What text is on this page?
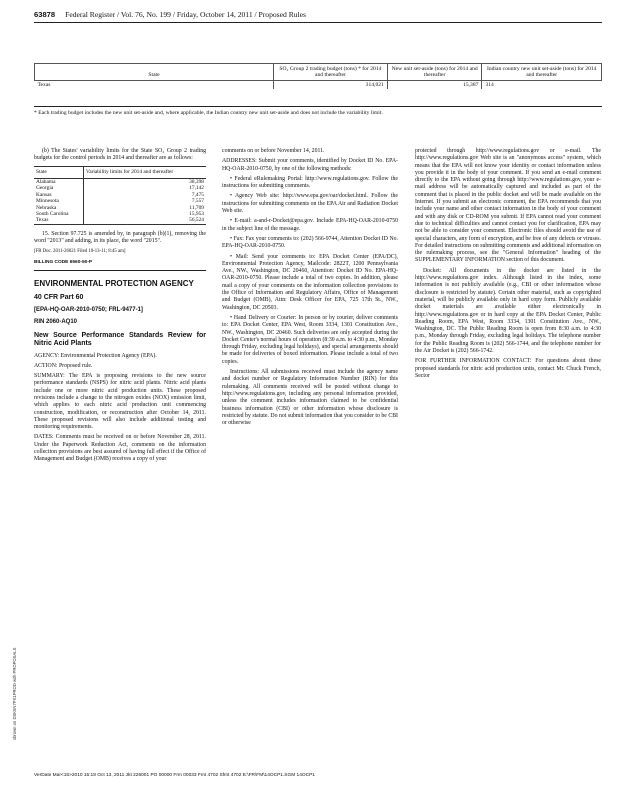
63878 Federal Register / Vol. 76, No. 199 / Friday, October 14, 2011 / Proposed Rules
State	SO₂ Group 2 trading budget (tons) * for 2014 and thereafter	New unit set-aside (tons) for 2014 and thereafter	Indian country new unit set-aside (tons) for 2014 and thereafter
Texas	314,021	15,387	314
* Each trading budget includes the new unit set-aside and, where applicable, the Indian country new unit set-aside and does not include the variability limit.

(b) The States' variability limits for the State SO₂ Group 2 trading budgets for the control periods in 2014 and thereafter are as follows:

State	Variability limits for 2014 and thereafter
Alabama	38,398
Georgia	17,142
Kansas	7,475
Minnesota	7,557
Nebraska	11,709
South Carolina	15,953
Texas	56,524

15. Section 97.725 is amended by, in paragraph (b)(1), removing the word "2013" and adding, in its place, the word "2015".

[FR Doc. 2011-26021 Filed 10-13-11; 8:45 am]

BILLING CODE 6560-50-P

ENVIRONMENTAL PROTECTION AGENCY
40 CFR Part 60
[EPA-HQ-OAR-2010-0750; FRL-9477-1]
RIN 2060-AQ10
New Source Performance Standards Review for Nitric Acid Plants

AGENCY: Environmental Protection Agency (EPA).

ACTION: Proposed rule.

SUMMARY: The EPA is proposing revisions to the new source performance standards (NSPS) for nitric acid plants. Nitric acid plants include one or more nitric acid production units. These proposed revisions include a change to the nitrogen oxides (NOX) emission limit, which applies to each nitric acid production unit commencing construction, modification, or reconstruction after October 14, 2011. These proposed revisions will also include additional testing and monitoring requirements.

DATES: Comments must be received on or before November 28, 2011. Under the Paperwork Reduction Act, comments on the information collection provisions are best assured of having full effect if the Office of Management and Budget (OMB) receives a copy of your

comments on or before November 14, 2011.

ADDRESSES: Submit your comments, identified by Docket ID No. EPA-HQ-OAR-2010-0750, by one of the following methods:

• Federal eRulemaking Portal: http://www.regulations.gov. Follow the instructions for submitting comments.

• Agency Web site: http://www.epa.gov/oar/docket.html. Follow the instructions for submitting comments on the EPA Air and Radiation Docket Web site.

• E-mail: a-and-r-Docket@epa.gov. Include EPA-HQ-OAR-2010-0750 in the subject line of the message.

• Fax: Fax your comments to: (202) 566-9744, Attention Docket ID No. EPA-HQ-OAR-2010-0750.

• Mail: Send your comments to: EPA Docket Center (EPA/DC), Environmental Protection Agency, Mailcode: 2822T, 1200 Pennsylvania Ave., NW., Washington, DC 20460, Attention: Docket ID No. EPA-HQ-OAR-2010-0750. Please include a total of two copies. In addition, please mail a copy of your comments on the information collection provisions to the Office of Information and Regulatory Affairs, Office of Management and Budget (OMB), Attn: Desk Officer for EPA, 725 17th St., NW., Washington, DC 20503.

• Hand Delivery or Courier: In person or by courier, deliver comments to: EPA Docket Center, EPA West, Room 3334, 1301 Constitution Ave., NW., Washington, DC 20460. Such deliveries are only accepted during the Docket Center's normal hours of operation (8:30 a.m. to 4:30 p.m., Monday through Friday, excluding legal holidays), and special arrangements should be made for deliveries of boxed information. Please include a total of two copies.

Instructions: All submissions received must include the agency name and docket number or Regulatory Information Number (RIN) for this rulemaking. All comments received will be posted without change to http://www.regulations.gov, including any personal information provided, unless the comment includes information claimed to be confidential business information (CBI) or other information whose disclosure is restricted by statute. Do not submit information that you consider to be CBI or otherwise

protected through http://www.regulations.gov or e-mail. The http://www.regulations.gov Web site is an "anonymous access" system, which means that the EPA will not know your identity or contact information unless you provide it in the body of your comment. If you send an e-mail comment directly to the EPA without going through http://www.regulations.gov, your e-mail address will be automatically captured and included as part of the comment that is placed in the public docket and will be made available on the Internet. If you submit an electronic comment, the EPA recommends that you include your name and other contact information in the body of your comment and with any disk or CD-ROM you submit. If EPA cannot read your comment due to technical difficulties and cannot contact you for clarification, EPA may not be able to consider your comment. Electronic files should avoid the use of special characters, any form of encryption, and be free of any defects or viruses. For detailed instructions on submitting comments and additional information on the rulemaking process, see the "General Information" heading of the SUPPLEMENTARY INFORMATION section of this document.

Docket: All documents in the docket are listed in the http://www.regulations.gov index. Although listed in the index, some information is not publicly available (e.g., CBI or other information whose disclosure is restricted by statute). Certain other material, such as copyrighted material, will be publicly available only in hard copy form. Publicly available docket materials are available either electronically in http://www.regulations.gov or in hard copy at the EPA Docket Center, Public Reading Room, EPA West, Room 3334, 1301 Constitution Ave., NW., Washington, DC. The Public Reading Room is open from 8:30 a.m. to 4:30 p.m., Monday through Friday, excluding legal holidays. The telephone number for the Public Reading Room is (202) 566-1744, and the telephone number for the Air Docket is (202) 566-1742.

FOR FURTHER INFORMATION CONTACT: For questions about these proposed standards for nitric acid production units, contact Mr. Chuck French, Sector

sbrown on DSK6N7PX1PROD with PROPOSALS
VerDate Mar<15>2010 15:18 Oct 13, 2011 Jkt 226001 PO 00000 Frm 00033 Fmt 4702 Sfmt 4702 E:\FR\FM\14OCP1.SGM 14OCP1
